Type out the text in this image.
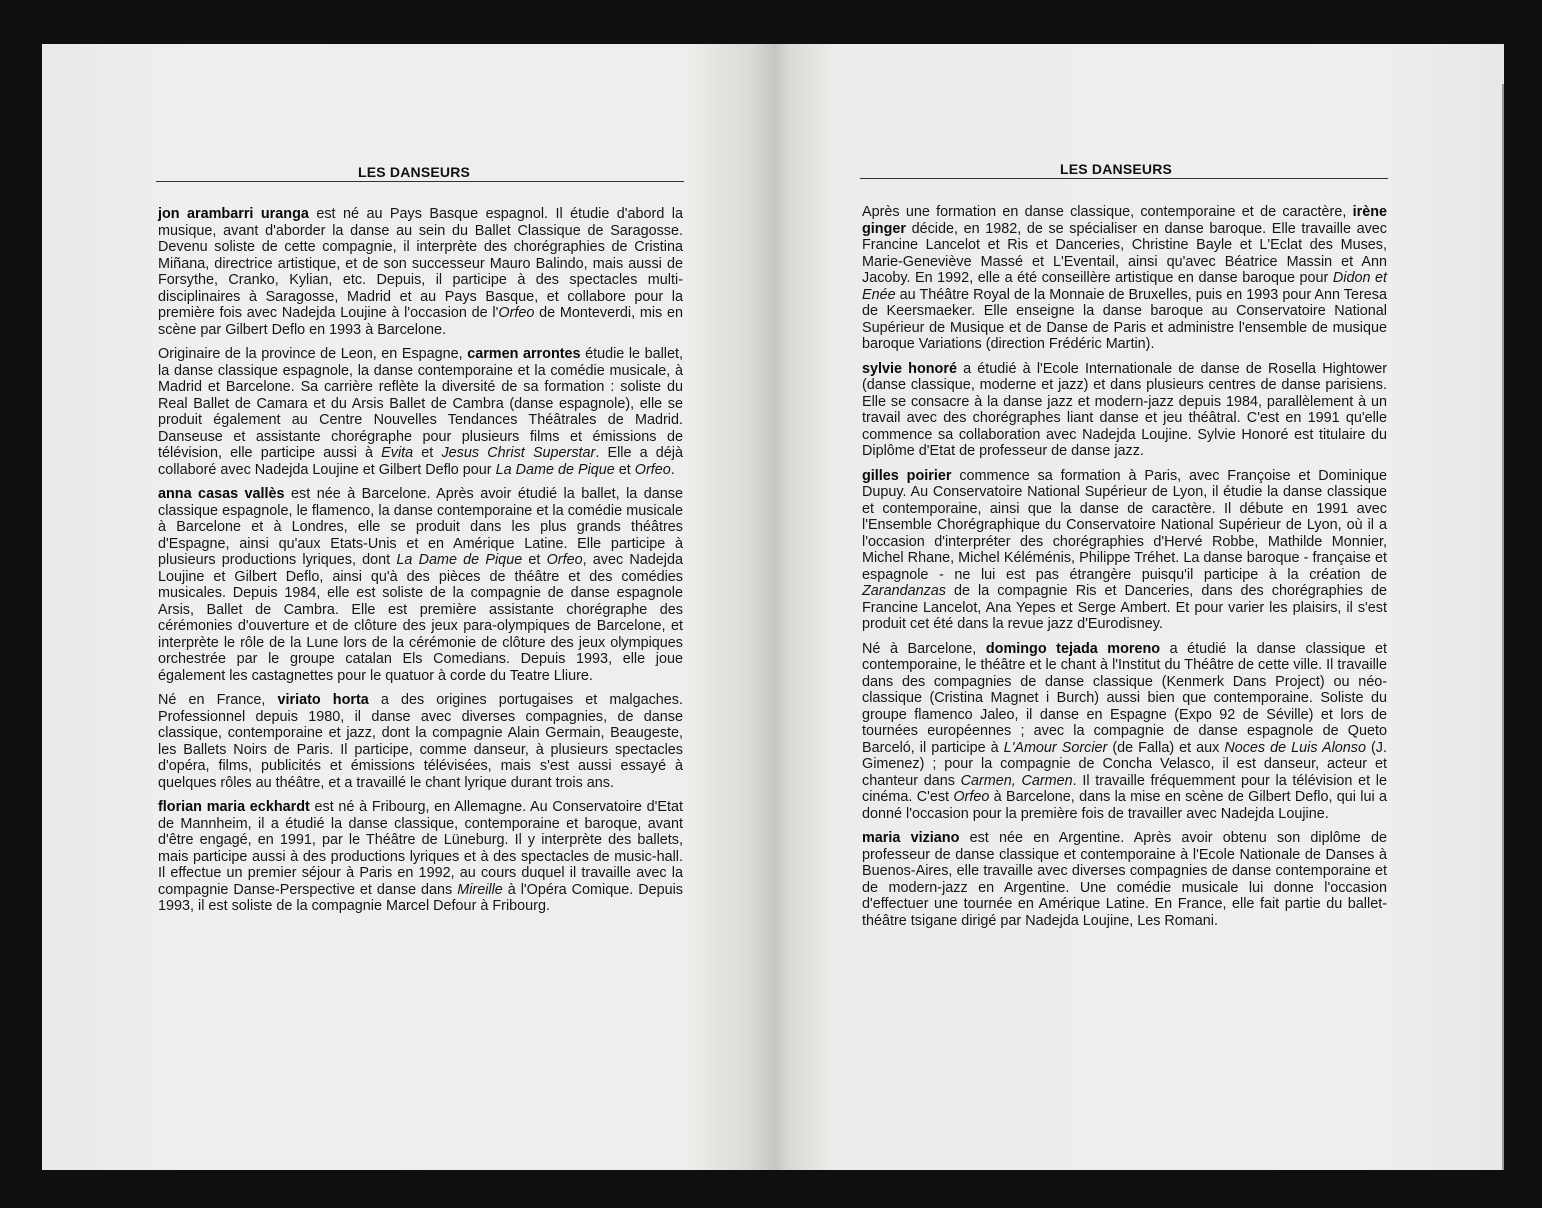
LES DANSEURS

jon arambarri uranga est né au Pays Basque espagnol. Il étudie d'abord la musique, avant d'aborder la danse au sein du Ballet Classique de Saragosse. Devenu soliste de cette compagnie, il interprète des chorégraphies de Cristina Miñana, directrice artistique, et de son successeur Mauro Balindo, mais aussi de Forsythe, Cranko, Kylian, etc. Depuis, il participe à des spectacles multi-disciplinaires à Saragosse, Madrid et au Pays Basque, et collabore pour la première fois avec Nadejda Loujine à l'occasion de l'Orfeo de Monteverdi, mis en scène par Gilbert Deflo en 1993 à Barcelone.

Originaire de la province de Leon, en Espagne, carmen arrontes étudie le ballet, la danse classique espagnole, la danse contemporaine et la comédie musicale, à Madrid et Barcelone. Sa carrière reflète la diversité de sa formation : soliste du Real Ballet de Camara et du Arsis Ballet de Cambra (danse espagnole), elle se produit également au Centre Nouvelles Tendances Théâtrales de Madrid. Danseuse et assistante chorégraphe pour plusieurs films et émissions de télévision, elle participe aussi à Evita et Jesus Christ Superstar. Elle a déjà collaboré avec Nadejda Loujine et Gilbert Deflo pour La Dame de Pique et Orfeo.

anna casas vallès est née à Barcelone. Après avoir étudié la ballet, la danse classique espagnole, le flamenco, la danse contemporaine et la comédie musicale à Barcelone et à Londres, elle se produit dans les plus grands théâtres d'Espagne, ainsi qu'aux Etats-Unis et en Amérique Latine. Elle participe à plusieurs productions lyriques, dont La Dame de Pique et Orfeo, avec Nadejda Loujine et Gilbert Deflo, ainsi qu'à des pièces de théâtre et des comédies musicales. Depuis 1984, elle est soliste de la compagnie de danse espagnole Arsis, Ballet de Cambra. Elle est première assistante chorégraphe des cérémonies d'ouverture et de clôture des jeux para-olympiques de Barcelone, et interprète le rôle de la Lune lors de la cérémonie de clôture des jeux olympiques orchestrée par le groupe catalan Els Comedians. Depuis 1993, elle joue également les castagnettes pour le quatuor à corde du Teatre Lliure.

Né en France, viriato horta a des origines portugaises et malgaches. Professionnel depuis 1980, il danse avec diverses compagnies, de danse classique, contemporaine et jazz, dont la compagnie Alain Germain, Beaugeste, les Ballets Noirs de Paris. Il participe, comme danseur, à plusieurs spectacles d'opéra, films, publicités et émissions télévisées, mais s'est aussi essayé à quelques rôles au théâtre, et a travaillé le chant lyrique durant trois ans.

florian maria eckhardt est né à Fribourg, en Allemagne. Au Conservatoire d'Etat de Mannheim, il a étudié la danse classique, contemporaine et baroque, avant d'être engagé, en 1991, par le Théâtre de Lüneburg. Il y interprète des ballets, mais participe aussi à des productions lyriques et à des spectacles de music-hall. Il effectue un premier séjour à Paris en 1992, au cours duquel il travaille avec la compagnie Danse-Perspective et danse dans Mireille à l'Opéra Comique. Depuis 1993, il est soliste de la compagnie Marcel Defour à Fribourg.

LES DANSEURS

Après une formation en danse classique, contemporaine et de caractère, irène ginger décide, en 1982, de se spécialiser en danse baroque. Elle travaille avec Francine Lancelot et Ris et Danceries, Christine Bayle et L'Eclat des Muses, Marie-Geneviève Massé et L'Eventail, ainsi qu'avec Béatrice Massin et Ann Jacoby. En 1992, elle a été conseillère artistique en danse baroque pour Didon et Enée au Théâtre Royal de la Monnaie de Bruxelles, puis en 1993 pour Ann Teresa de Keersmaeker. Elle enseigne la danse baroque au Conservatoire National Supérieur de Musique et de Danse de Paris et administre l'ensemble de musique baroque Variations (direction Frédéric Martin).

sylvie honoré a étudié à l'Ecole Internationale de danse de Rosella Hightower (danse classique, moderne et jazz) et dans plusieurs centres de danse parisiens. Elle se consacre à la danse jazz et modern-jazz depuis 1984, parallèlement à un travail avec des chorégraphes liant danse et jeu théâtral. C'est en 1991 qu'elle commence sa collaboration avec Nadejda Loujine. Sylvie Honoré est titulaire du Diplôme d'Etat de professeur de danse jazz.

gilles poirier commence sa formation à Paris, avec Françoise et Dominique Dupuy. Au Conservatoire National Supérieur de Lyon, il étudie la danse classique et contemporaine, ainsi que la danse de caractère. Il débute en 1991 avec l'Ensemble Chorégraphique du Conservatoire National Supérieur de Lyon, où il a l'occasion d'interpréter des chorégraphies d'Hervé Robbe, Mathilde Monnier, Michel Rhane, Michel Kéléménis, Philippe Tréhet. La danse baroque - française et espagnole - ne lui est pas étrangère puisqu'il participe à la création de Zarandanzas de la compagnie Ris et Danceries, dans des chorégraphies de Francine Lancelot, Ana Yepes et Serge Ambert. Et pour varier les plaisirs, il s'est produit cet été dans la revue jazz d'Eurodisney.

Né à Barcelone, domingo tejada moreno a étudié la danse classique et contemporaine, le théâtre et le chant à l'Institut du Théâtre de cette ville. Il travaille dans des compagnies de danse classique (Kenmerk Dans Project) ou néo-classique (Cristina Magnet i Burch) aussi bien que contemporaine. Soliste du groupe flamenco Jaleo, il danse en Espagne (Expo 92 de Séville) et lors de tournées européennes ; avec la compagnie de danse espagnole de Queto Barceló, il participe à L'Amour Sorcier (de Falla) et aux Noces de Luis Alonso (J. Gimenez) ; pour la compagnie de Concha Velasco, il est danseur, acteur et chanteur dans Carmen, Carmen. Il travaille fréquemment pour la télévision et le cinéma. C'est Orfeo à Barcelone, dans la mise en scène de Gilbert Deflo, qui lui a donné l'occasion pour la première fois de travailler avec Nadejda Loujine.

maria viziano est née en Argentine. Après avoir obtenu son diplôme de professeur de danse classique et contemporaine à l'Ecole Nationale de Danses à Buenos-Aires, elle travaille avec diverses compagnies de danse contemporaine et de modern-jazz en Argentine. Une comédie musicale lui donne l'occasion d'effectuer une tournée en Amérique Latine. En France, elle fait partie du ballet-théâtre tsigane dirigé par Nadejda Loujine, Les Romani.
